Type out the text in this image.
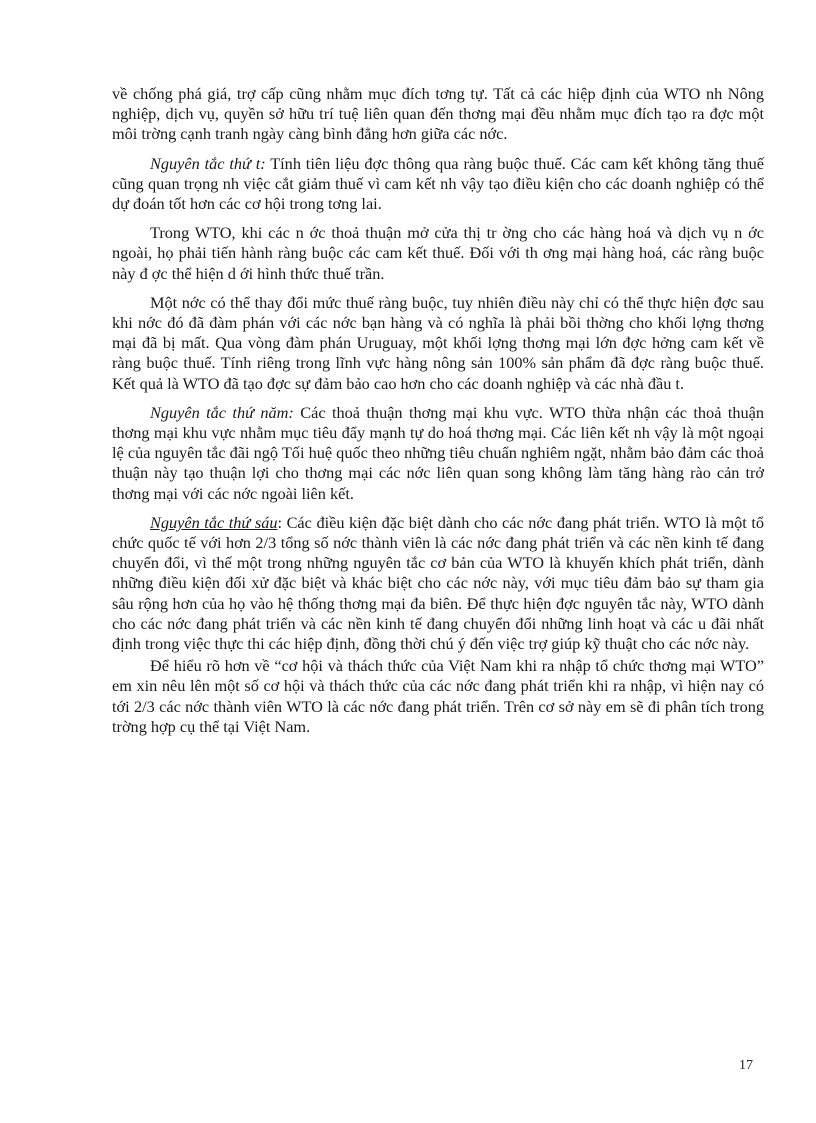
về chống phá giá, trợ cấp cũng nhằm mục đích tơng tự. Tất cả các hiệp định của WTO nh Nông nghiệp, dịch vụ, quyền sở hữu trí tuệ liên quan đến thơng mại đều nhằm mục đích tạo ra đợc một môi trờng cạnh tranh ngày càng bình đẳng hơn giữa các nớc.

Nguyên tắc thứ t: Tính tiên liệu đợc thông qua ràng buộc thuế. Các cam kết không tăng thuế cũng quan trọng nh việc cắt giảm thuế vì cam kết nh vậy tạo điều kiện cho các doanh nghiệp có thể dự đoán tốt hơn các cơ hội trong tơng lai.

Trong WTO, khi các n ớc thoả thuận mở cửa thị tr ờng cho các hàng hoá và dịch vụ n ớc ngoài, họ phải tiến hành ràng buộc các cam kết thuế. Đối với th ơng mại hàng hoá, các ràng buộc này đ ợc thể hiện d ới hình thức thuế trần.

Một nớc có thể thay đổi mức thuế ràng buộc, tuy nhiên điều này chỉ có thể thực hiện đợc sau khi nớc đó đã đàm phán với các nớc bạn hàng và có nghĩa là phải bồi thờng cho khối lợng thơng mại đã bị mất. Qua vòng đàm phán Uruguay, một khối lợng thơng mại lớn đợc hởng cam kết về ràng buộc thuế. Tính riêng trong lĩnh vực hàng nông sản 100% sản phẩm đã đợc ràng buộc thuế. Kết quả là WTO đã tạo đợc sự đảm bảo cao hơn cho các doanh nghiệp và các nhà đầu t.

Nguyên tắc thứ năm: Các thoả thuận thơng mại khu vực. WTO thừa nhận các thoả thuận thơng mại khu vực nhằm mục tiêu đẩy mạnh tự do hoá thơng mại. Các liên kết nh vậy là một ngoại lệ của nguyên tắc đãi ngộ Tối huệ quốc theo những tiêu chuẩn nghiêm ngặt, nhằm bảo đảm các thoả thuận này tạo thuận lợi cho thơng mại các nớc liên quan song không làm tăng hàng rào cản trở thơng mại với các nớc ngoài liên kết.

Nguyên tắc thứ sáu: Các điều kiện đặc biệt dành cho các nớc đang phát triển. WTO là một tổ chức quốc tế với hơn 2/3 tổng số nớc thành viên là các nớc đang phát triển và các nền kinh tế đang chuyển đổi, vì thế một trong những nguyên tắc cơ bản của WTO là khuyến khích phát triển, dành những điều kiện đối xử đặc biệt và khác biệt cho các nớc này, với mục tiêu đảm bảo sự tham gia sâu rộng hơn của họ vào hệ thống thơng mại đa biên. Để thực hiện đợc nguyên tắc này, WTO dành cho các nớc đang phát triển và các nền kinh tế đang chuyển đổi những linh hoạt và các u đãi nhất định trong việc thực thi các hiệp định, đồng thời chú ý đến việc trợ giúp kỹ thuật cho các nớc này.

Để hiểu rõ hơn về “cơ hội và thách thức của Việt Nam khi ra nhập tổ chức thơng mại WTO” em xin nêu lên một số cơ hội và thách thức của các nớc đang phát triển khi ra nhập, vì hiện nay có tới 2/3 các nớc thành viên WTO là các nớc đang phát triển. Trên cơ sở này em sẽ đi phân tích trong trờng hợp cụ thể tại Việt Nam.

17
